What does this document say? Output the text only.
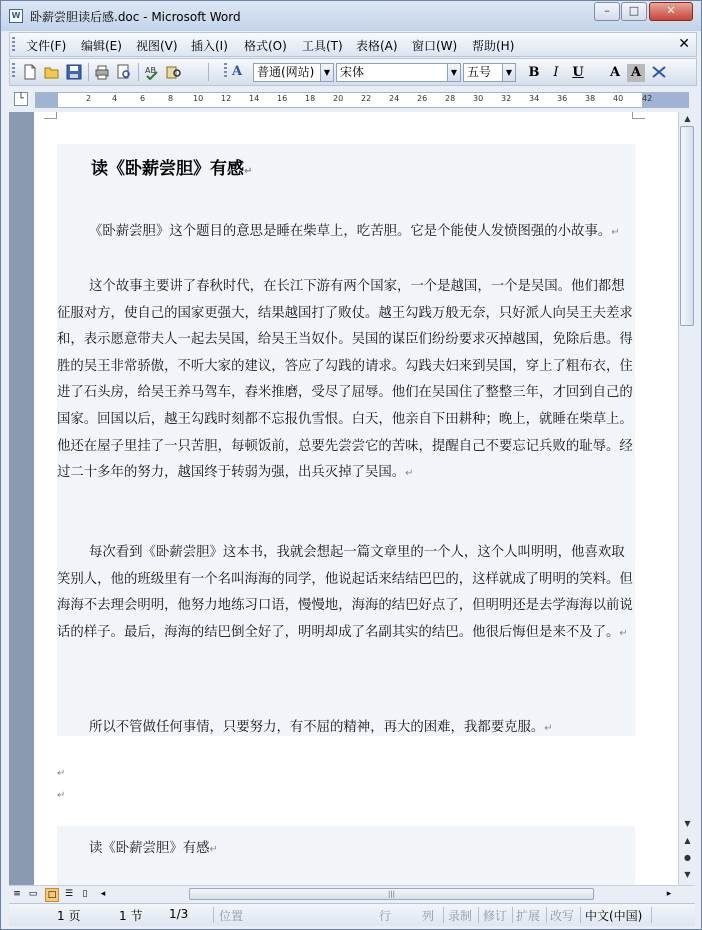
W 卧薪尝胆读后感.doc - Microsoft Word	–	□	✕
文件(F) 编辑(E) 视图(V) 插入(I) 格式(O) 工具(T) 表格(A) 窗口(W) 帮助(H)	✕
AB	A	普通(网站)	▼ 宋体	▼ 五号	▼	B	I	U	A A
└	2	4	6	8 10 12 14 16 18 20 22 24 26 28 30 32 34 36 38 40 42
读《卧薪尝胆》有感↵

《卧薪尝胆》这个题目的意思是睡在柴草上，吃苦胆。它是个能使人发愤图强的小故事。↵

这个故事主要讲了春秋时代，在长江下游有两个国家，一个是越国，一个是吴国。他们都想征服对方，使自己的国家更强大，结果越国打了败仗。越王勾践万般无奈，只好派人向吴王夫差求和，表示愿意带夫人一起去吴国，给吴王当奴仆。吴国的谋臣们纷纷要求灭掉越国，免除后患。得胜的吴王非常骄傲，不听大家的建议，答应了勾践的请求。勾践夫妇来到吴国，穿上了粗布衣，住进了石头房，给吴王养马驾车，舂米推磨，受尽了屈辱。他们在吴国住了整整三年，才回到自己的国家。回国以后，越王勾践时刻都不忘报仇雪恨。白天，他亲自下田耕种；晚上，就睡在柴草上。他还在屋子里挂了一只苦胆，每顿饭前，总要先尝尝它的苦味，提醒自己不要忘记兵败的耻辱。经过二十多年的努力，越国终于转弱为强，出兵灭掉了吴国。↵

每次看到《卧薪尝胆》这本书，我就会想起一篇文章里的一个人，这个人叫明明，他喜欢取笑别人，他的班级里有一个名叫海海的同学，他说起话来结结巴巴的，这样就成了明明的笑料。但海海不去理会明明，他努力地练习口语，慢慢地，海海的结巴好点了，但明明还是去学海海以前说话的样子。最后，海海的结巴倒全好了，明明却成了名副其实的结巴。他很后悔但是来不及了。↵

所以不管做任何事情，只要努力，有不屈的精神，再大的困难，我都要克服。↵

↵

↵

读《卧薪尝胆》有感↵

▲
▼
▲
●
▼
≡ ▭	□ ☰	▯	◂	|||	▸
1 页	1 节 1/3	位置	行	列 录制 修订 扩展 改写 中文(中国)
